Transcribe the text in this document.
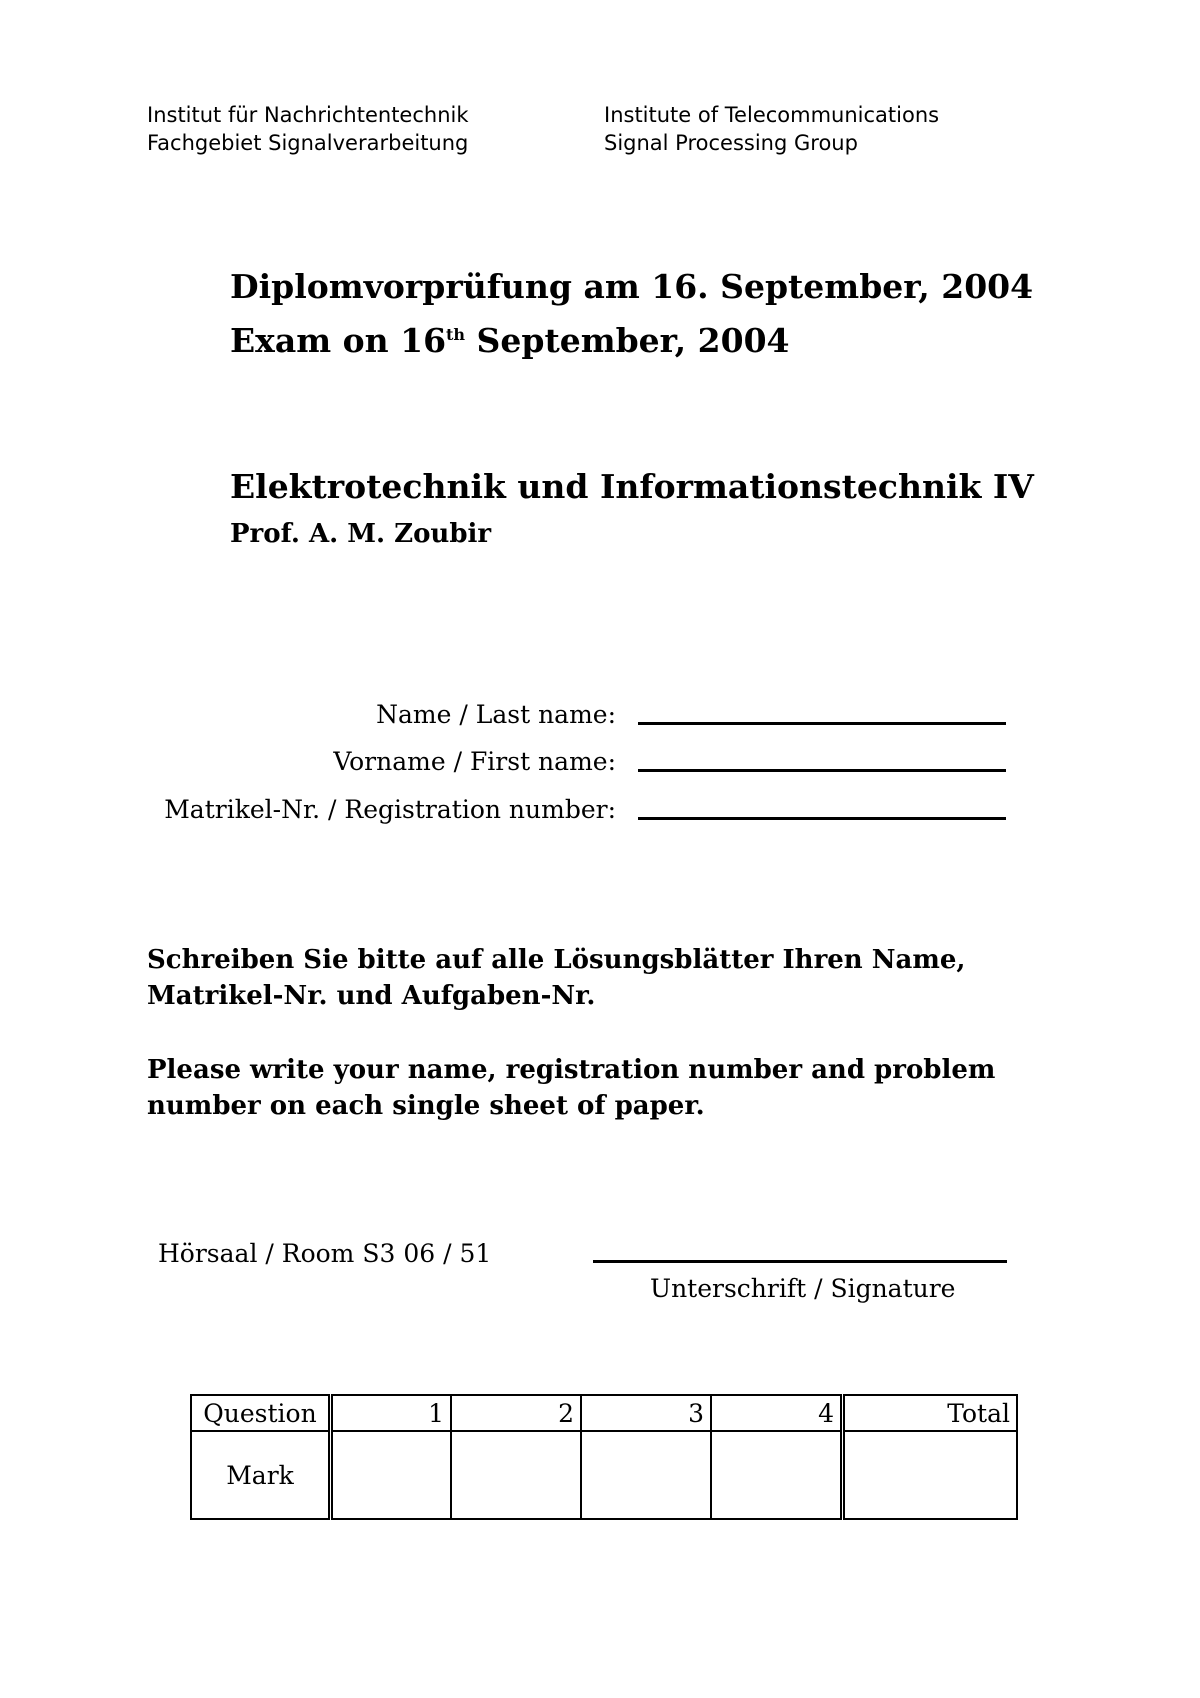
Institut für Nachrichtentechnik
Fachgebiet Signalverarbeitung
Institute of Telecommunications
Signal Processing Group
Diplomvorprüfung am 16. September, 2004
Exam on 16th September, 2004
Elektrotechnik und Informationstechnik IV
Prof. A. M. Zoubir
Name / Last name:
Vorname / First name:
Matrikel-Nr. / Registration number:
Schreiben Sie bitte auf alle Lösungsblätter Ihren Name, Matrikel-Nr. und Aufgaben-Nr.
Please write your name, registration number and problem number on each single sheet of paper.
Hörsaal / Room S3 06 / 51
Unterschrift / Signature
Question	1	2	3	4	Total
Mark					
